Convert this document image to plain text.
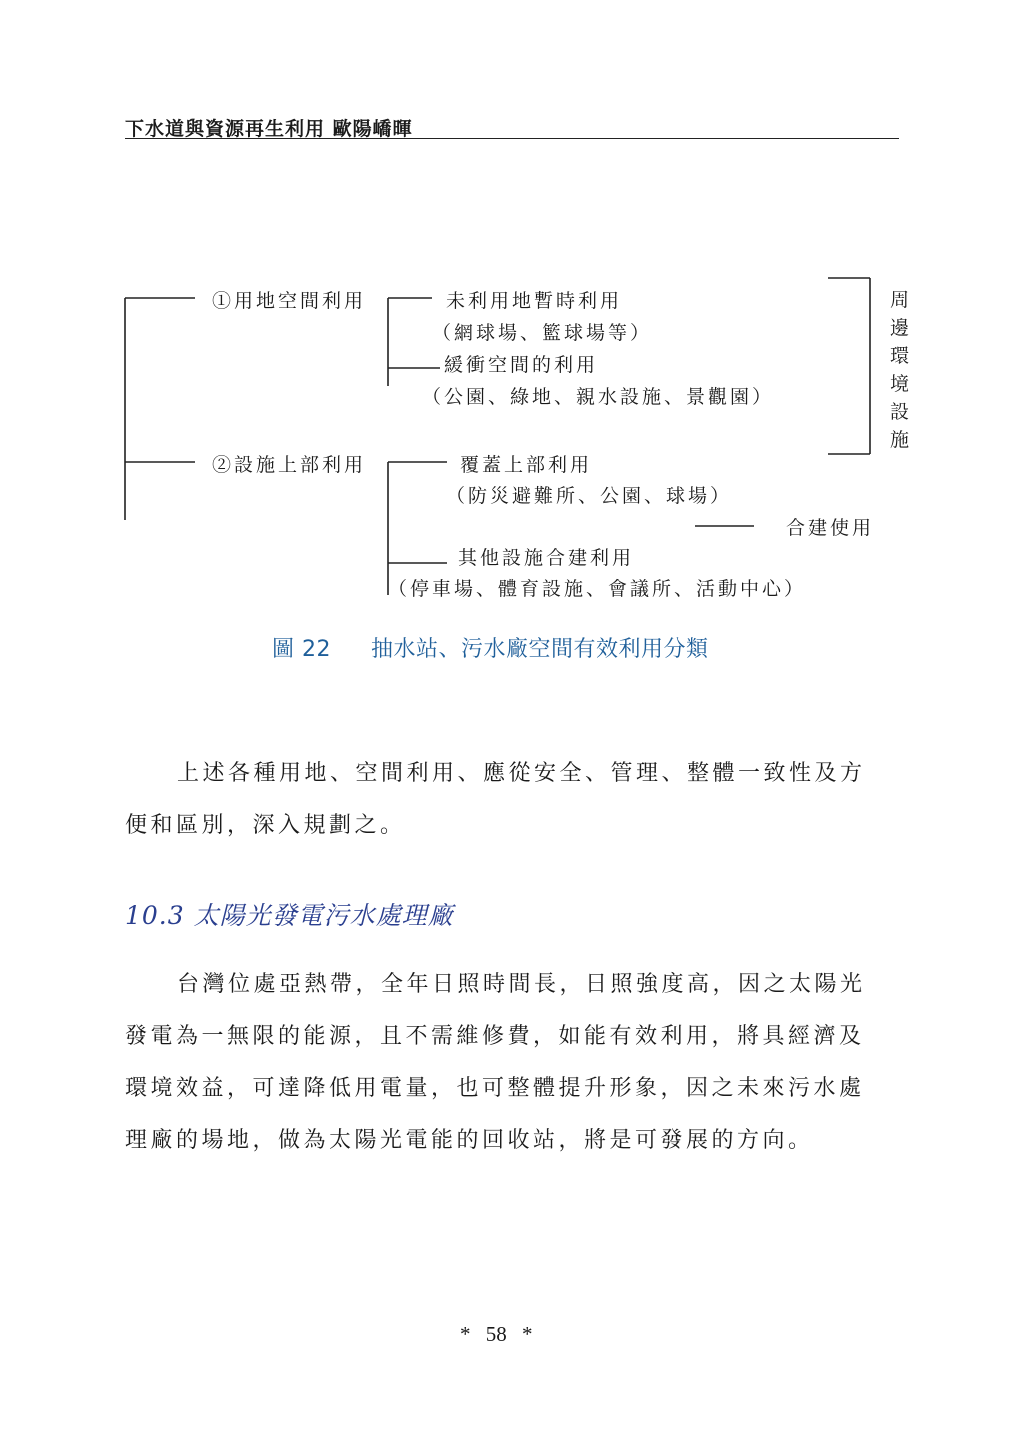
下水道與資源再生利用 歐陽嶠暉
①用地空間利用
②設施上部利用
未利用地暫時利用
（網球場、籃球場等）
緩衝空間的利用
（公園、綠地、親水設施、景觀園）
覆蓋上部利用
（防災避難所、公園、球場）
其他設施合建利用
（停車場、體育設施、會議所、活動中心）
合建使用
周
邊
環
境
設
施
圖 22 抽水站、污水廠空間有效利用分類

上述各種用地、空間利用、應從安全、管理、整體一致性及方

便和區別，深入規劃之。

10.3 太陽光發電污水處理廠

台灣位處亞熱帶，全年日照時間長，日照強度高，因之太陽光

發電為一無限的能源，且不需維修費，如能有效利用，將具經濟及

環境效益，可達降低用電量，也可整體提升形象，因之未來污水處

理廠的場地，做為太陽光電能的回收站，將是可發展的方向。

* 58 *
